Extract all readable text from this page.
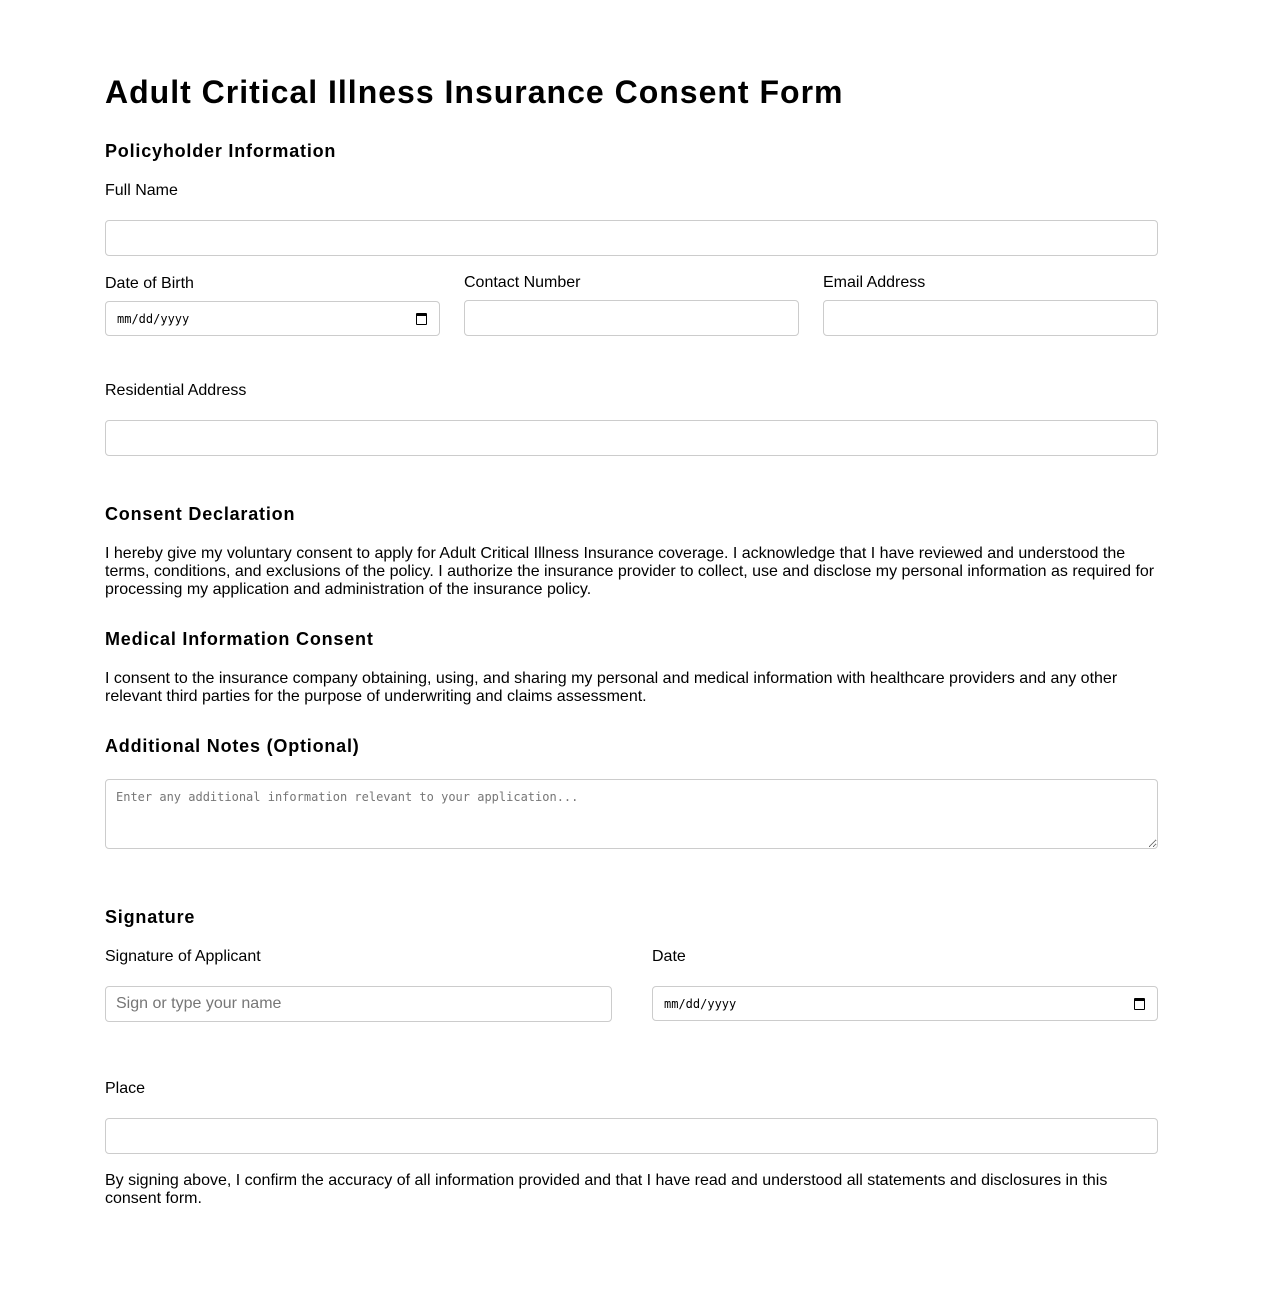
Adult Critical Illness Insurance Consent Form
Policyholder Information
Full Name
Date of Birth
mm/dd/yyyy
Contact Number	Email Address
Residential Address
Consent Declaration

I hereby give my voluntary consent to apply for Adult Critical Illness Insurance coverage. I acknowledge that I have reviewed and understood the terms, conditions, and exclusions of the policy. I authorize the insurance provider to collect, use and disclose my personal information as required for processing my application and administration of the insurance policy.

Medical Information Consent

I consent to the insurance company obtaining, using, and sharing my personal and medical information with healthcare providers and any other relevant third parties for the purpose of underwriting and claims assessment.

Additional Notes (Optional)
Enter any additional information relevant to your application...
Signature
Signature of Applicant
Sign or type your name	Date
mm/dd/yyyy
Place

By signing above, I confirm the accuracy of all information provided and that I have read and understood all statements and disclosures in this consent form.
